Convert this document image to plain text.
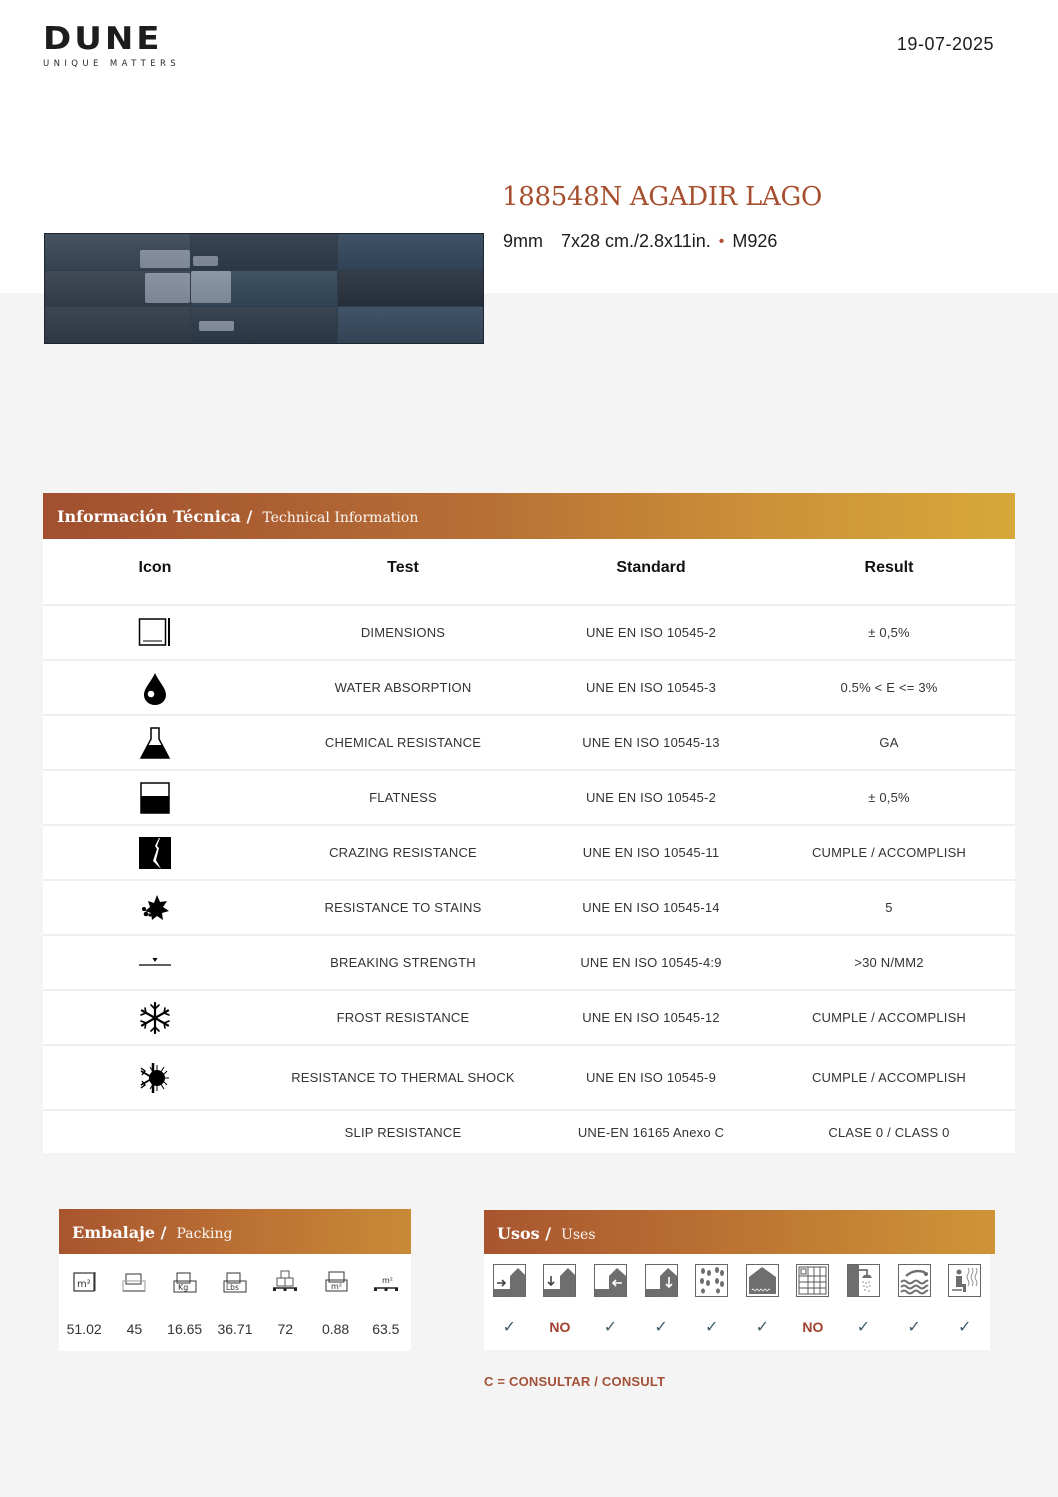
DUNE
UNIQUE MATTERS
19-07-2025
188548N AGADIR LAGO
9mm 7x28 cm./2.8x11in. • M926
Información Técnica / Technical Information
Icon	Test	Standard	Result
	DIMENSIONS	UNE EN ISO 10545-2	± 0,5%
	WATER ABSORPTION	UNE EN ISO 10545-3	0.5% < E <= 3%
	CHEMICAL RESISTANCE	UNE EN ISO 10545-13	GA
	FLATNESS	UNE EN ISO 10545-2	± 0,5%
	CRAZING RESISTANCE	UNE EN ISO 10545-11	CUMPLE / ACCOMPLISH
	RESISTANCE TO STAINS	UNE EN ISO 10545-14	5
	BREAKING STRENGTH	UNE EN ISO 10545-4:9	>30 N/MM2
	FROST RESISTANCE	UNE EN ISO 10545-12	CUMPLE / ACCOMPLISH
	RESISTANCE TO THERMAL SHOCK	UNE EN ISO 10545-9	CUMPLE / ACCOMPLISH
	SLIP RESISTANCE	UNE-EN 16165 Anexo C	CLASE 0 / CLASS 0
Embalaje / Packing
m²	Kg	Lbs	m²
m²
51.02 45 16.65 36.71 72 0.88 63.5
Usos / Uses
✓ NO ✓ ✓ ✓ ✓ NO ✓ ✓ ✓
C = CONSULTAR / CONSULT
